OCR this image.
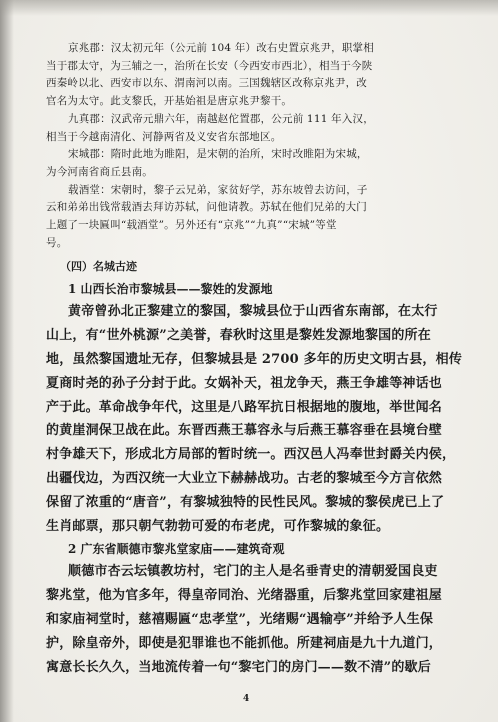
京兆郡：汉太初元年（公元前 104 年）改右史置京兆尹，职掌相
当于郡太守，为三辅之一，治所在长安（今西安市西北），相当于今陕
西秦岭以北、西安市以东、渭南河以南。三国魏辖区改称京兆尹，改
官名为太守。此支黎氏，开基始祖是唐京兆尹黎干。
九真郡：汉武帝元鼎六年，南越赵佗置郡，公元前 111 年入汉，
相当于今越南清化、河静两省及义安省东部地区。
宋城郡：隋时此地为睢阳，是宋朝的治所，宋时改睢阳为宋城，
为今河南省商丘县南。
载酒堂：宋朝时，黎子云兄弟，家贫好学，苏东坡曾去访问，子
云和弟弟出钱常载酒去拜访苏轼，问他请教。苏轼在他们兄弟的大门
上题了一块匾叫“载酒堂”。另外还有“京兆”“九真”“宋城”等堂
号。
（四）名城古迹
1 山西长治市黎城县——黎姓的发源地
黄帝曾孙北正黎建立的黎国，黎城县位于山西省东南部，在太行
山上，有“世外桃源”之美誉，春秋时这里是黎姓发源地黎国的所在
地，虽然黎国遗址无存，但黎城县是 2700 多年的历史文明古县，相传
夏商时尧的孙子分封于此。女娲补天，祖龙争天，燕王争雄等神话也
产于此。革命战争年代，这里是八路军抗日根据地的腹地，举世闻名
的黄崖洞保卫战在此。东晋西燕王慕容永与后燕王慕容垂在县境台壁
村争雄天下，形成北方局部的暂时统一。西汉邑人冯奉世封爵关内侯，
出疆伐边，为西汉统一大业立下赫赫战功。古老的黎城至今方言依然
保留了浓重的“唐音”，有黎城独特的民性民风。黎城的黎侯虎已上了
生肖邮票，那只朝气勃勃可爱的布老虎，可作黎城的象征。
2 广东省顺德市黎兆堂家庙——建筑奇观
顺德市杏云坛镇教坊村，宅门的主人是名垂青史的清朝爱国良吏
黎兆堂，他为官多年，得皇帝同治、光绪器重，后黎兆堂回家建祖屋
和家庙祠堂时，慈禧赐匾“忠孝堂”，光绪赐“遇输亭”并给予人生保
护，除皇帝外，即使是犯罪谁也不能抓他。所建祠庙是九十九道门，
寓意长长久久，当地流传着一句“黎宅门的房门——数不清”的歇后
4
